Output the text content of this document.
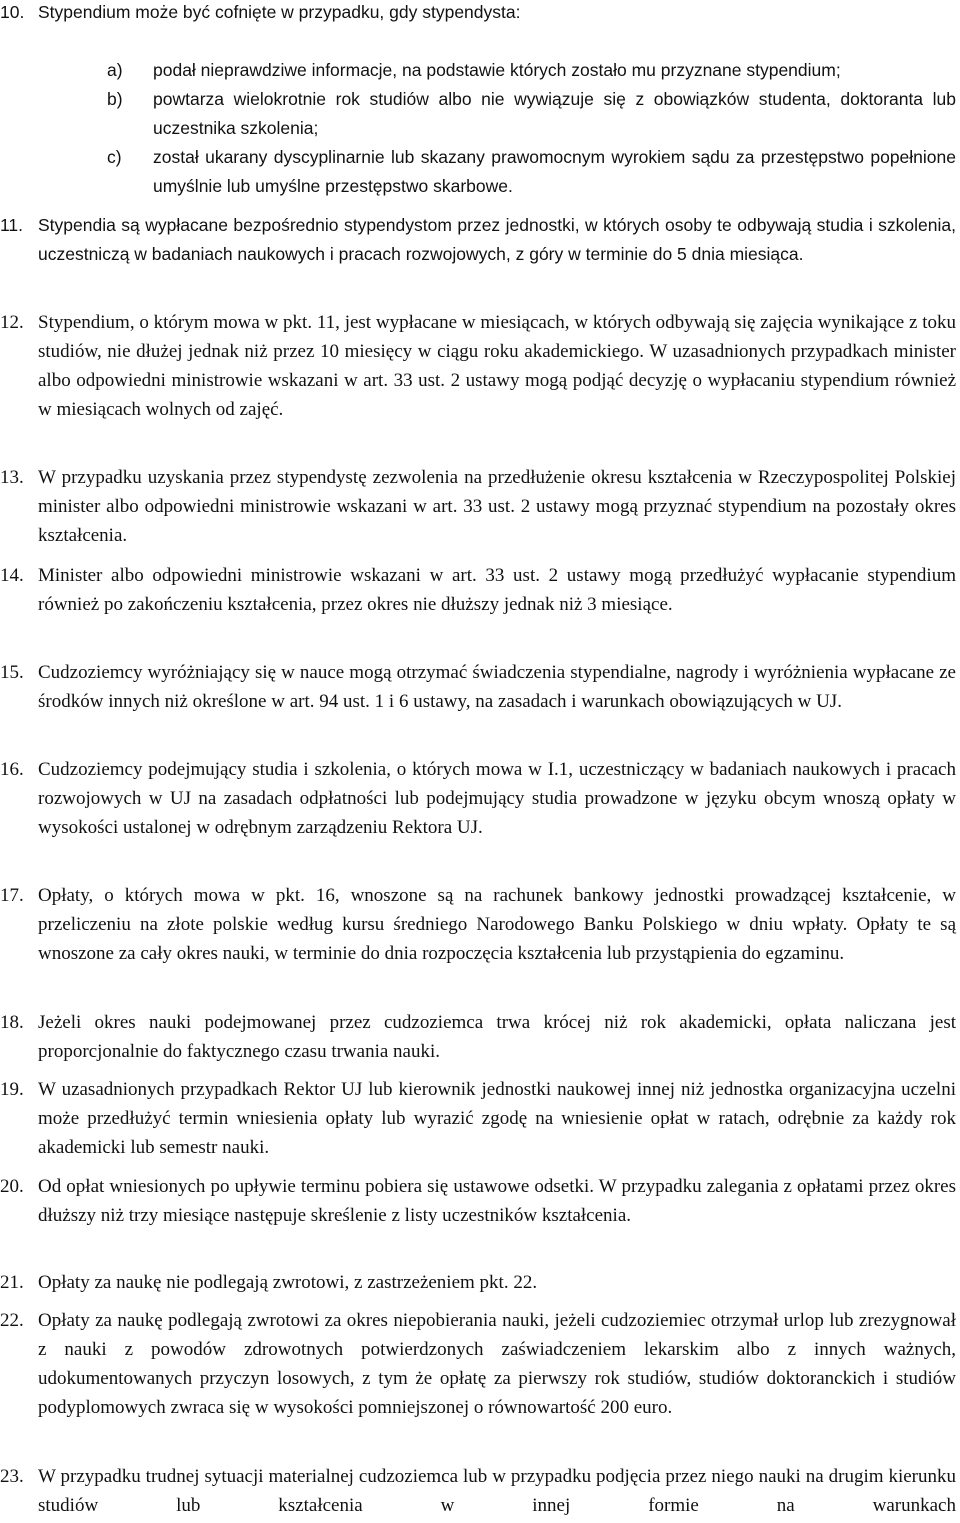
10. Stypendium może być cofnięte w przypadku, gdy stypendysta:
a)	podał nieprawdziwe informacje, na podstawie których zostało mu przyznane stypendium;
b)	powtarza wielokrotnie rok studiów albo nie wywiązuje się z obowiązków studenta, doktoranta lub uczestnika szkolenia;
c)	został ukarany dyscyplinarnie lub skazany prawomocnym wyrokiem sądu za przestępstwo popełnione umyślnie lub umyślne przestępstwo skarbowe.
11. Stypendia są wypłacane bezpośrednio stypendystom przez jednostki, w których osoby te odbywają studia i szkolenia, uczestniczą w badaniach naukowych i pracach rozwojowych, z góry w terminie do 5 dnia miesiąca.
12. Stypendium, o którym mowa w pkt. 11, jest wypłacane w miesiącach, w których odbywają się zajęcia wynikające z toku studiów, nie dłużej jednak niż przez 10 miesięcy w ciągu roku akademickiego. W uzasadnionych przypadkach minister albo odpowiedni ministrowie wskazani w art. 33 ust. 2 ustawy mogą podjąć decyzję o wypłacaniu stypendium również w miesiącach wolnych od zajęć.
13. W przypadku uzyskania przez stypendystę zezwolenia na przedłużenie okresu kształcenia w Rzeczypospolitej Polskiej minister albo odpowiedni ministrowie wskazani w art. 33 ust. 2 ustawy mogą przyznać stypendium na pozostały okres kształcenia.
14. Minister albo odpowiedni ministrowie wskazani w art. 33 ust. 2 ustawy mogą przedłużyć wypłacanie stypendium również po zakończeniu kształcenia, przez okres nie dłuższy jednak niż 3 miesiące.
15. Cudzoziemcy wyróżniający się w nauce mogą otrzymać świadczenia stypendialne, nagrody i wyróżnienia wypłacane ze środków innych niż określone w art. 94 ust. 1 i 6 ustawy, na zasadach i warunkach obowiązujących w UJ.
16. Cudzoziemcy podejmujący studia i szkolenia, o których mowa w I.1, uczestniczący w badaniach naukowych i pracach rozwojowych w UJ na zasadach odpłatności lub podejmujący studia prowadzone w języku obcym wnoszą opłaty w wysokości ustalonej w odrębnym zarządzeniu Rektora UJ.
17. Opłaty, o których mowa w pkt. 16, wnoszone są na rachunek bankowy jednostki prowadzącej kształcenie, w przeliczeniu na złote polskie według kursu średniego Narodowego Banku Polskiego w dniu wpłaty. Opłaty te są wnoszone za cały okres nauki, w terminie do dnia rozpoczęcia kształcenia lub przystąpienia do egzaminu.
18. Jeżeli okres nauki podejmowanej przez cudzoziemca trwa krócej niż rok akademicki, opłata naliczana jest proporcjonalnie do faktycznego czasu trwania nauki.
19. W uzasadnionych przypadkach Rektor UJ lub kierownik jednostki naukowej innej niż jednostka organizacyjna uczelni może przedłużyć termin wniesienia opłaty lub wyrazić zgodę na wniesienie opłat w ratach, odrębnie za każdy rok akademicki lub semestr nauki.
20. Od opłat wniesionych po upływie terminu pobiera się ustawowe odsetki. W przypadku zalegania z opłatami przez okres dłuższy niż trzy miesiące następuje skreślenie z listy uczestników kształcenia.
21. Opłaty za naukę nie podlegają zwrotowi, z zastrzeżeniem pkt. 22.
22. Opłaty za naukę podlegają zwrotowi za okres niepobierania nauki, jeżeli cudzoziemiec otrzymał urlop lub zrezygnował z nauki z powodów zdrowotnych potwierdzonych zaświadczeniem lekarskim albo z innych ważnych, udokumentowanych przyczyn losowych, z tym że opłatę za pierwszy rok studiów, studiów doktoranckich i studiów podyplomowych zwraca się w wysokości pomniejszonej o równowartość 200 euro.
23. W przypadku trudnej sytuacji materialnej cudzoziemca lub w przypadku podjęcia przez niego nauki na drugim kierunku studiów lub kształcenia w innej formie na warunkach
